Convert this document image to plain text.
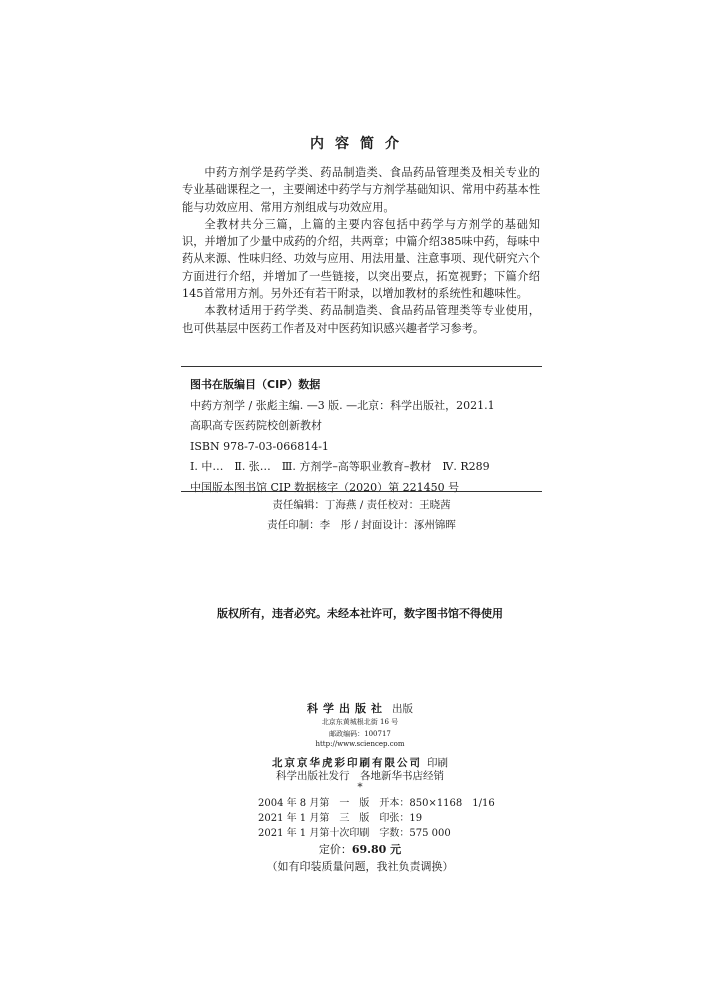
内容简介

中药方剂学是药学类、药品制造类、食品药品管理类及相关专业的专业基础课程之一，主要阐述中药学与方剂学基础知识、常用中药基本性能与功效应用、常用方剂组成与功效应用。

全教材共分三篇，上篇的主要内容包括中药学与方剂学的基础知识，并增加了少量中成药的介绍，共两章；中篇介绍385味中药，每味中药从来源、性味归经、功效与应用、用法用量、注意事项、现代研究六个方面进行介绍，并增加了一些链接，以突出要点，拓宽视野；下篇介绍145首常用方剂。另外还有若干附录，以增加教材的系统性和趣味性。

本教材适用于药学类、药品制造类、食品药品管理类等专业使用，也可供基层中医药工作者及对中医药知识感兴趣者学习参考。

图书在版编目（CIP）数据
中药方剂学 / 张彪主编. —3 版. —北京：科学出版社，2021.1
高职高专医药院校创新教材
ISBN 978-7-03-066814-1
Ⅰ. 中…　Ⅱ. 张…　Ⅲ. 方剂学–高等职业教育–教材　Ⅳ. R289
中国版本图书馆 CIP 数据核字（2020）第 221450 号
责任编辑：丁海燕 / 责任校对：王晓茜
责任印制：李　彤 / 封面设计：涿州锦晖
版权所有，违者必究。未经本社许可，数字图书馆不得使用
科学出版社 出版
北京东黄城根北街 16 号
邮政编码：100717
http://www.sciencep.com
北京京华虎彩印刷有限公司 印刷
科学出版社发行　各地新华书店经销
*
2004 年 8 月第　一　版　开本：850×1168　1/16
2021 年 1 月第　三　版　印张：19
2021 年 1 月第十次印刷　字数：575 000
定价：69.80 元
（如有印装质量问题，我社负责调换）
